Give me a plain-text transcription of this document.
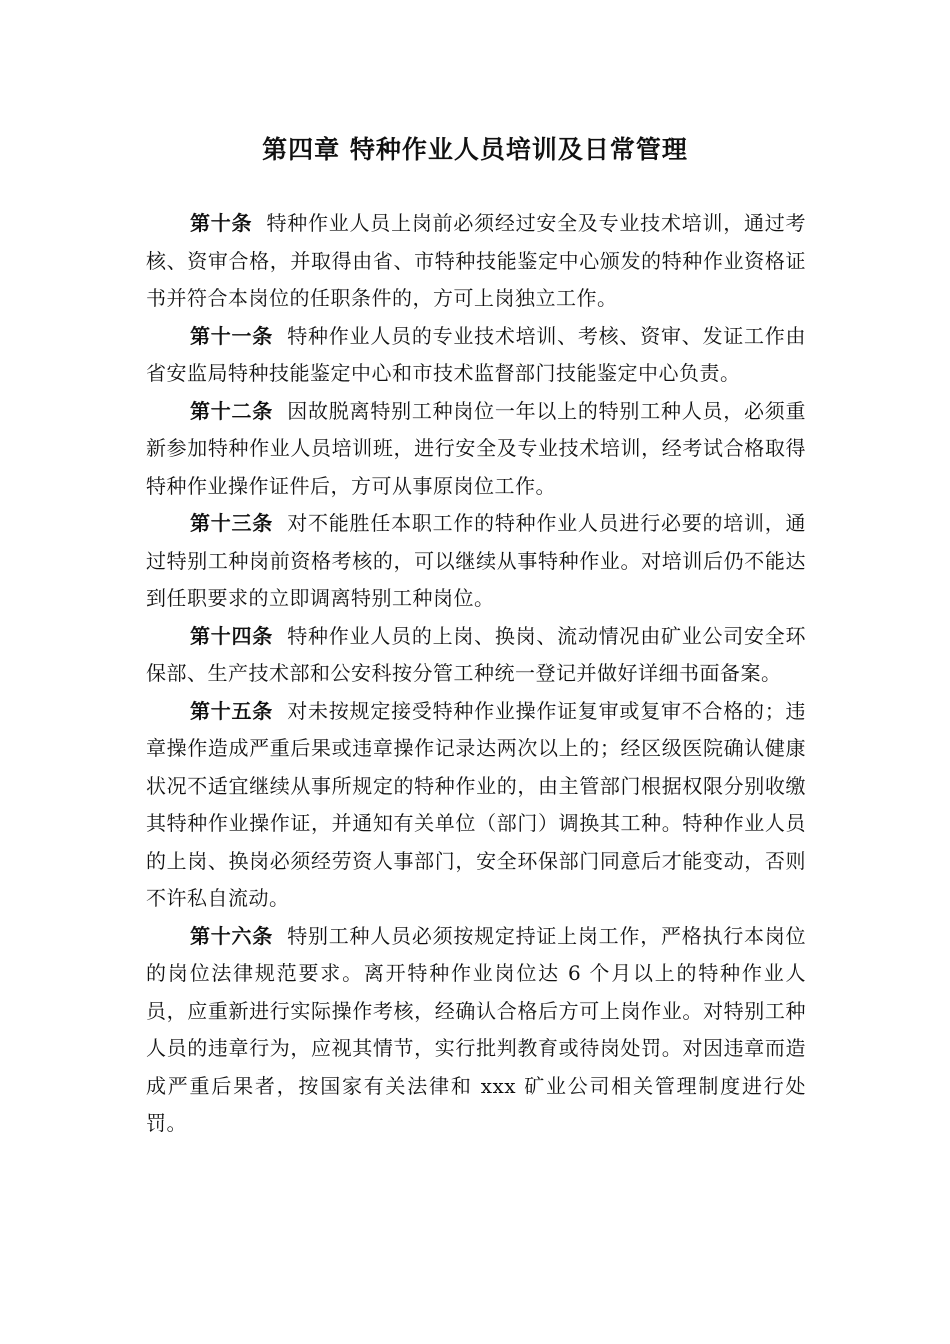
第四章 特种作业人员培训及日常管理

第十条 特种作业人员上岗前必须经过安全及专业技术培训，通过考核、资审合格，并取得由省、市特种技能鉴定中心颁发的特种作业资格证书并符合本岗位的任职条件的，方可上岗独立工作。

第十一条 特种作业人员的专业技术培训、考核、资审、发证工作由省安监局特种技能鉴定中心和市技术监督部门技能鉴定中心负责。

第十二条 因故脱离特别工种岗位一年以上的特别工种人员，必须重新参加特种作业人员培训班，进行安全及专业技术培训，经考试合格取得特种作业操作证件后，方可从事原岗位工作。

第十三条 对不能胜任本职工作的特种作业人员进行必要的培训，通过特别工种岗前资格考核的，可以继续从事特种作业。对培训后仍不能达到任职要求的立即调离特别工种岗位。

第十四条 特种作业人员的上岗、换岗、流动情况由矿业公司安全环保部、生产技术部和公安科按分管工种统一登记并做好详细书面备案。

第十五条 对未按规定接受特种作业操作证复审或复审不合格的；违章操作造成严重后果或违章操作记录达两次以上的；经区级医院确认健康状况不适宜继续从事所规定的特种作业的，由主管部门根据权限分别收缴其特种作业操作证，并通知有关单位（部门）调换其工种。特种作业人员的上岗、换岗必须经劳资人事部门，安全环保部门同意后才能变动，否则不许私自流动。

第十六条 特别工种人员必须按规定持证上岗工作，严格执行本岗位的岗位法律规范要求。离开特种作业岗位达 6 个月以上的特种作业人员，应重新进行实际操作考核，经确认合格后方可上岗作业。对特别工种人员的违章行为，应视其情节，实行批判教育或待岗处罚。对因违章而造成严重后果者，按国家有关法律和 xxx 矿业公司相关管理制度进行处罚。
